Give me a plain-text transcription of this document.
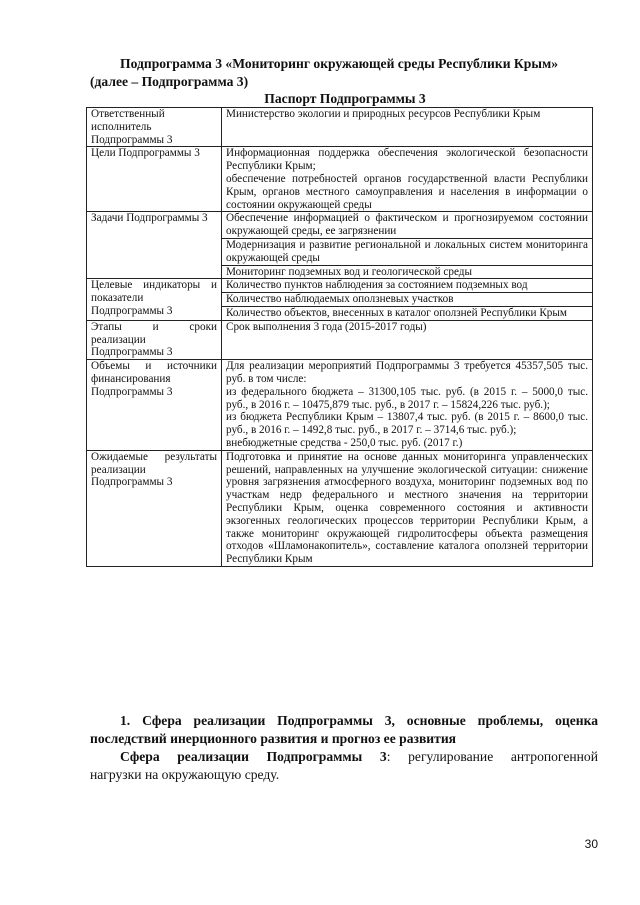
Подпрограмма 3 «Мониторинг окружающей среды Республики Крым»
(далее – Подпрограмма 3)
Паспорт Подпрограммы 3
Ответственный исполнитель Подпрограммы 3	Министерство экологии и природных ресурсов Республики Крым
Цели Подпрограммы 3	Информационная поддержка обеспечения экологической безопасности Республики Крым;
обеспечение потребностей органов государственной власти Республики Крым, органов местного самоуправления и населения в информации о состоянии окружающей среды

Задачи Подпрограммы 3	Обеспечение информацией о фактическом и прогнозируемом состоянии окружающей среды, ее загрязнении
	Модернизация и развитие региональной и локальных систем мониторинга окружающей среды
	Мониторинг подземных вод и геологической среды
Целевые индикаторы и показатели Подпрограммы 3	Количество пунктов наблюдения за состоянием подземных вод
	Количество наблюдаемых оползневых участков
	Количество объектов, внесенных в каталог оползней Республики Крым
Этапы и сроки реализации Подпрограммы 3	Срок выполнения 3 года (2015-2017 годы)
Объемы и источники финансирования Подпрограммы 3	Для реализации мероприятий Подпрограммы 3 требуется 45357,505 тыс. руб. в том числе:
из федерального бюджета – 31300,105 тыс. руб. (в 2015 г. – 5000,0 тыс. руб., в 2016 г. – 10475,879 тыс. руб., в 2017 г. – 15824,226 тыс. руб.);
из бюджета Республики Крым – 13807,4 тыс. руб. (в 2015 г. – 8600,0 тыс. руб., в 2016 г. – 1492,8 тыс. руб., в 2017 г. – 3714,6 тыс. руб.);
внебюджетные средства - 250,0 тыс. руб. (2017 г.)

Ожидаемые результаты реализации Подпрограммы 3	Подготовка и принятие на основе данных мониторинга управленческих решений, направленных на улучшение экологической ситуации: снижение уровня загрязнения атмосферного воздуха, мониторинг подземных вод по участкам недр федерального и местного значения на территории Республики Крым, оценка современного состояния и активности экзогенных геологических процессов территории Республики Крым, а также мониторинг окружающей гидролитосферы объекта размещения отходов «Шламонакопитель», составление каталога оползней территории Республики Крым
1. Сфера реализации Подпрограммы 3, основные проблемы, оценка
последствий инерционного развития и прогноз ее развития
Сфера реализации Подпрограммы 3: регулирование антропогенной
нагрузки на окружающую среду.
30
